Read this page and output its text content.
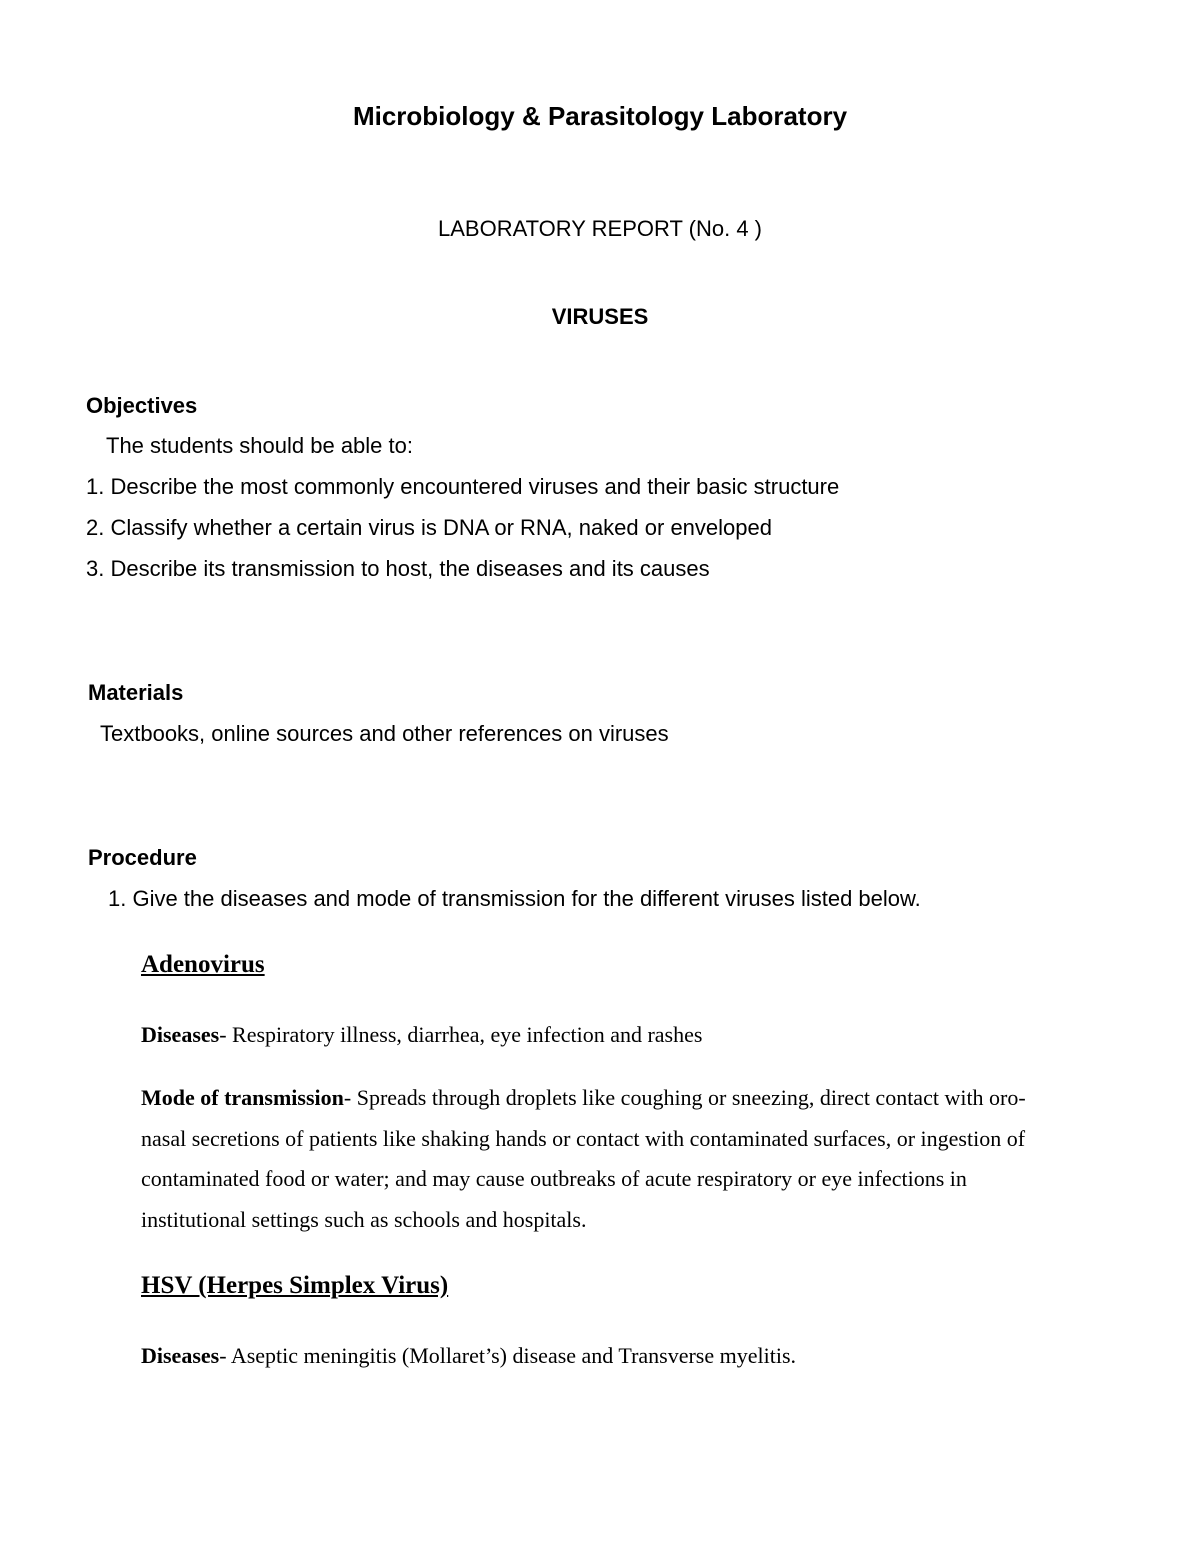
Microbiology & Parasitology Laboratory
LABORATORY REPORT (No. 4 )
VIRUSES
Objectives
The students should be able to:
1. Describe the most commonly encountered viruses and their basic structure
2. Classify whether a certain virus is DNA or RNA, naked or enveloped
3. Describe its transmission to host, the diseases and its causes
Materials
Textbooks, online sources and other references on viruses
Procedure
1. Give the diseases and mode of transmission for the different viruses listed below.
Adenovirus
Diseases- Respiratory illness, diarrhea, eye infection and rashes
Mode of transmission- Spreads through droplets like coughing or sneezing, direct contact with oro-
nasal secretions of patients like shaking hands or contact with contaminated surfaces, or ingestion of
contaminated food or water; and may cause outbreaks of acute respiratory or eye infections in
institutional settings such as schools and hospitals.
HSV (Herpes Simplex Virus)
Diseases- Aseptic meningitis (Mollaret’s) disease and Transverse myelitis.
